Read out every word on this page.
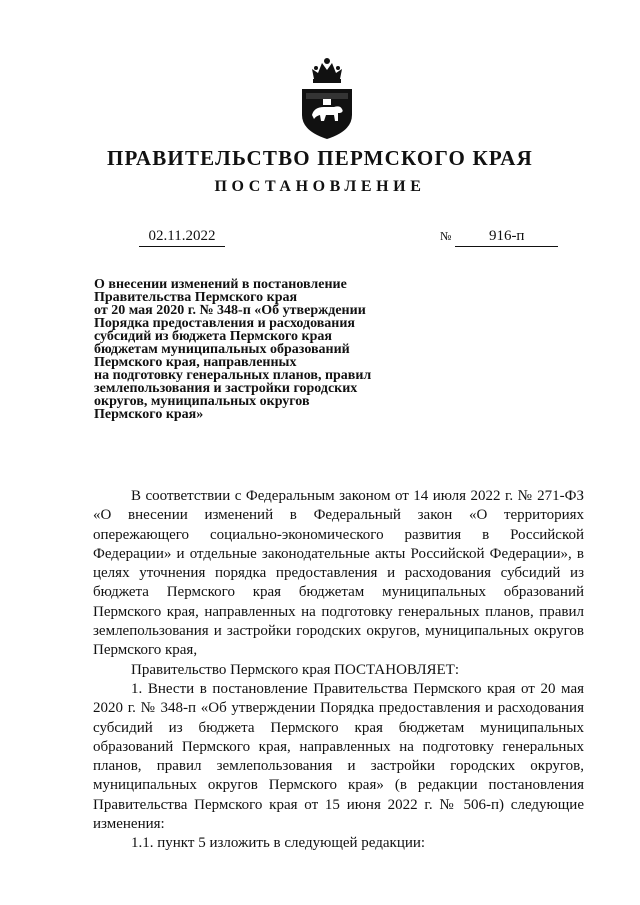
ПРАВИТЕЛЬСТВО ПЕРМСКОГО КРАЯ
ПОСТАНОВЛЕНИЕ
02.11.2022	№ 916-п
О внесении изменений в постановление
Правительства Пермского края
от 20 мая 2020 г. № 348-п «Об утверждении
Порядка предоставления и расходования
субсидий из бюджета Пермского края
бюджетам муниципальных образований
Пермского края, направленных
на подготовку генеральных планов, правил
землепользования и застройки городских
округов, муниципальных округов
Пермского края»

В соответствии с Федеральным законом от 14 июля 2022 г. № 271-ФЗ «О внесении изменений в Федеральный закон «О территориях опережающего социально-экономического развития в Российской Федерации» и отдельные законодательные акты Российской Федерации», в целях уточнения порядка предоставления и расходования субсидий из бюджета Пермского края бюджетам муниципальных образований Пермского края, направленных на подготовку генеральных планов, правил землепользования и застройки городских округов, муниципальных округов Пермского края,

Правительство Пермского края ПОСТАНОВЛЯЕТ:

1. Внести в постановление Правительства Пермского края от 20 мая 2020 г. № 348-п «Об утверждении Порядка предоставления и расходования субсидий из бюджета Пермского края бюджетам муниципальных образований Пермского края, направленных на подготовку генеральных планов, правил землепользования и застройки городских округов, муниципальных округов Пермского края» (в редакции постановления Правительства Пермского края от 15 июня 2022 г. № 506-п) следующие изменения:

1.1. пункт 5 изложить в следующей редакции:
